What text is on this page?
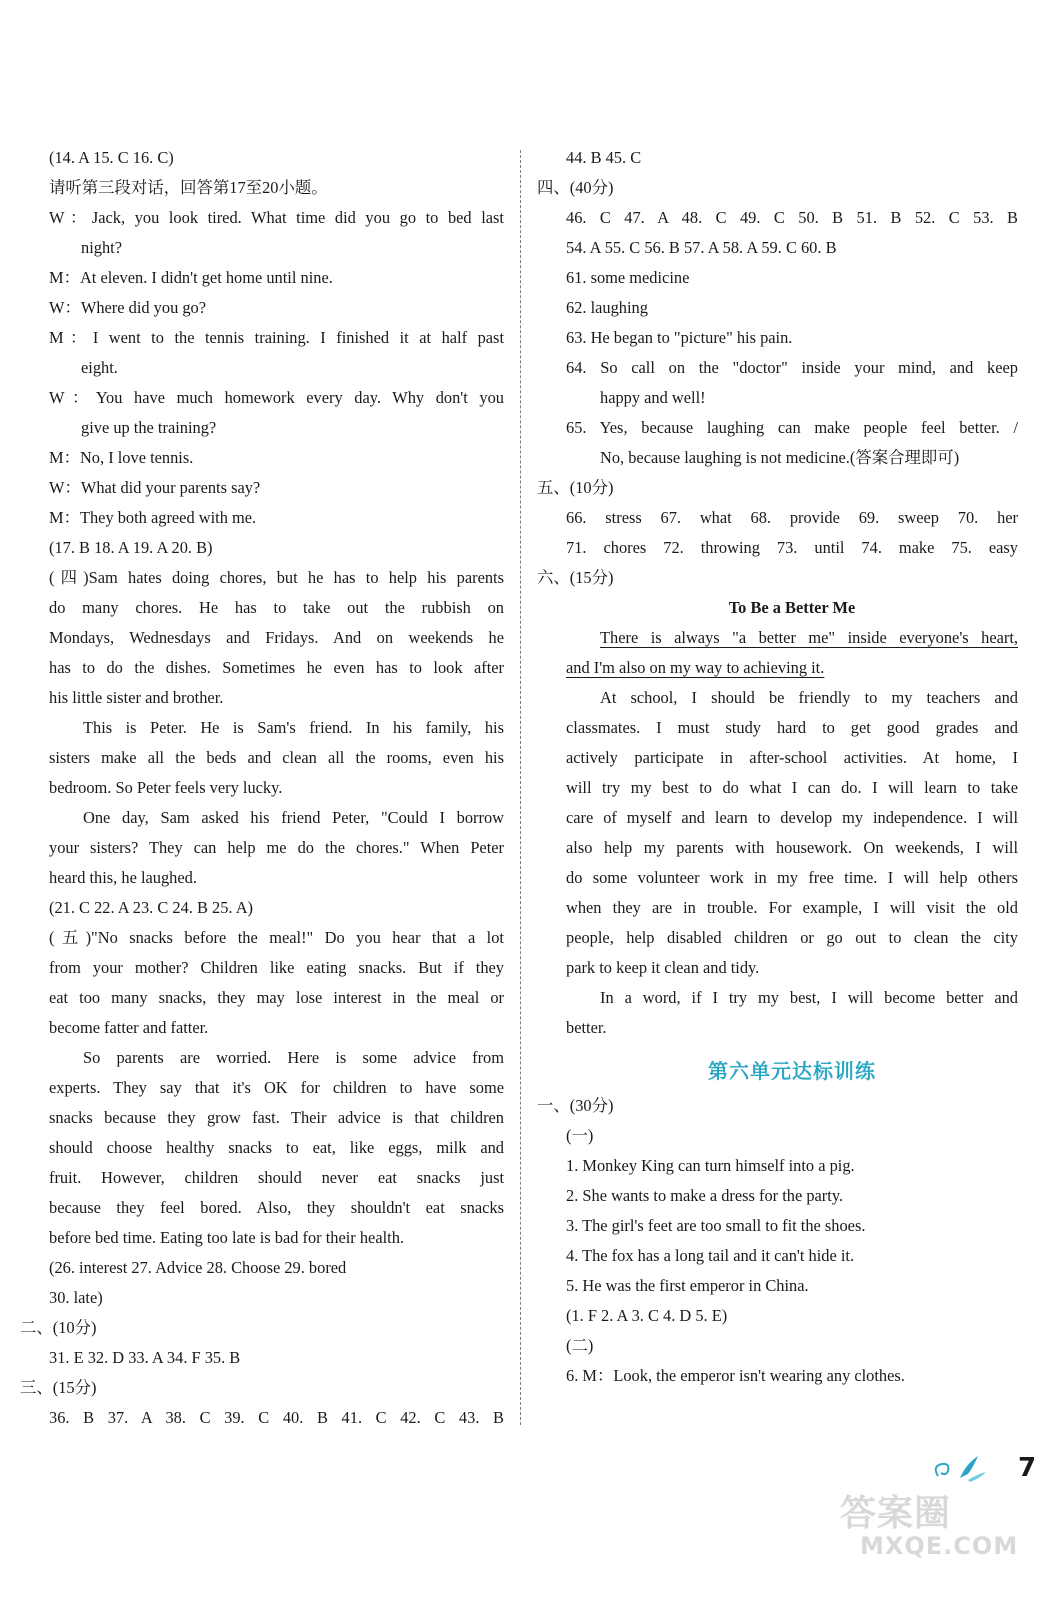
(14. A 15. C 16. C)
请听第三段对话，回答第17至20小题。
W：Jack, you look tired. What time did you go to bed last
night?
M：At eleven. I didn't get home until nine.
W：Where did you go?
M：I went to the tennis training. I finished it at half past
eight.
W：You have much homework every day. Why don't you
give up the training?
M：No, I love tennis.
W：What did your parents say?
M：They both agreed with me.
(17. B 18. A 19. A 20. B)
(四)Sam hates doing chores, but he has to help his parents
do many chores. He has to take out the rubbish on
Mondays, Wednesdays and Fridays. And on weekends he
has to do the dishes. Sometimes he even has to look after
his little sister and brother.
This is Peter. He is Sam's friend. In his family, his
sisters make all the beds and clean all the rooms, even his
bedroom. So Peter feels very lucky.
One day, Sam asked his friend Peter, "Could I borrow
your sisters? They can help me do the chores." When Peter
heard this, he laughed.
(21. C 22. A 23. C 24. B 25. A)
(五)"No snacks before the meal!" Do you hear that a lot
from your mother? Children like eating snacks. But if they
eat too many snacks, they may lose interest in the meal or
become fatter and fatter.
So parents are worried. Here is some advice from
experts. They say that it's OK for children to have some
snacks because they grow fast. Their advice is that children
should choose healthy snacks to eat, like eggs, milk and
fruit. However, children should never eat snacks just
because they feel bored. Also, they shouldn't eat snacks
before bed time. Eating too late is bad for their health.
(26. interest 27. Advice 28. Choose 29. bored
30. late)
二、(10分)
31. E 32. D 33. A 34. F 35. B
三、(15分)
36. B 37. A 38. C 39. C 40. B 41. C 42. C 43. B
44. B 45. C
四、(40分)
46. C 47. A 48. C 49. C 50. B 51. B 52. C 53. B
54. A 55. C 56. B 57. A 58. A 59. C 60. B
61. some medicine
62. laughing
63. He began to "picture" his pain.
64. So call on the "doctor" inside your mind, and keep
happy and well!
65. Yes, because laughing can make people feel better. /
No, because laughing is not medicine.(答案合理即可)
五、(10分)
66. stress 67. what 68. provide 69. sweep 70. her
71. chores 72. throwing 73. until 74. make 75. easy
六、(15分)
To Be a Better Me
There is always "a better me" inside everyone's heart,
and I'm also on my way to achieving it.
At school, I should be friendly to my teachers and
classmates. I must study hard to get good grades and
actively participate in after-school activities. At home, I
will try my best to do what I can do. I will learn to take
care of myself and learn to develop my independence. I will
also help my parents with housework. On weekends, I will
do some volunteer work in my free time. I will help others
when they are in trouble. For example, I will visit the old
people, help disabled children or go out to clean the city
park to keep it clean and tidy.
In a word, if I try my best, I will become better and
better.
第六单元达标训练
一、(30分)
(一)
1. Monkey King can turn himself into a pig.
2. She wants to make a dress for the party.
3. The girl's feet are too small to fit the shoes.
4. The fox has a long tail and it can't hide it.
5. He was the first emperor in China.
(1. F 2. A 3. C 4. D 5. E)
(二)
6. M：Look, the emperor isn't wearing any clothes.
7
答案圈
MXQE.COM
